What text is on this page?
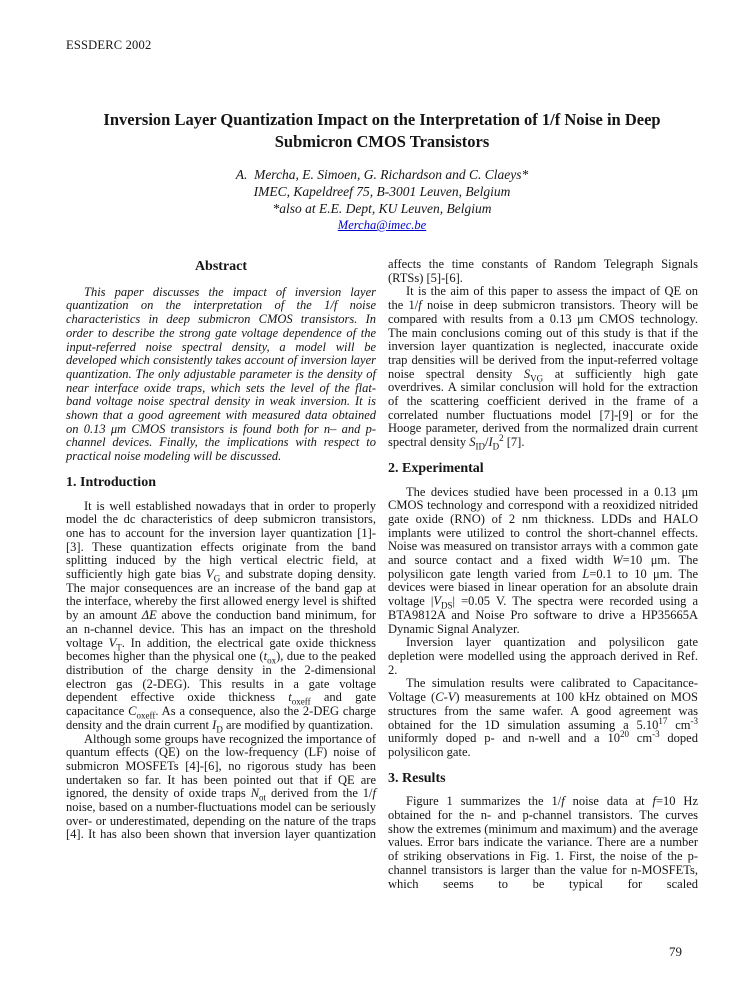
ESSDERC 2002
Inversion Layer Quantization Impact on the Interpretation of 1/f Noise in Deep
Submicron CMOS Transistors
A.  Mercha, E. Simoen, G. Richardson and C. Claeys*
IMEC, Kapeldreef 75, B-3001 Leuven, Belgium
*also at E.E. Dept, KU Leuven, Belgium
Mercha@imec.be
Abstract

This paper discusses the impact of inversion layer quantization on the interpretation of the 1/f noise characteristics in deep submicron CMOS transistors. In order to describe the strong gate voltage dependence of the input-referred noise spectral density, a model will be developed which consistently takes account of inversion layer quantization. The only adjustable parameter is the density of near interface oxide traps, which sets the level of the flat-band voltage noise spectral density in weak inversion. It is shown that a good agreement with measured data obtained on 0.13 μm CMOS transistors is found both for n– and p-channel devices. Finally, the implications with respect to practical noise modeling will be discussed.

1. Introduction

It is well established nowadays that in order to properly model the dc characteristics of deep submicron transistors, one has to account for the inversion layer quantization [1]-[3]. These quantization effects originate from the band splitting induced by the high vertical electric field, at sufficiently high gate bias $V_G$ and substrate doping density. The major consequences are an increase of the band gap at the interface, whereby the first allowed energy level is shifted by an amount ΔE above the conduction band minimum, for an n-channel device. This has an impact on the threshold voltage $V_T$. In addition, the electrical gate oxide thickness becomes higher than the physical one $(t_{ox})$, due to the peaked distribution of the charge density in the 2-dimensional electron gas (2-DEG). This results in a gate voltage dependent effective oxide thickness $t_{oxeff}$ and gate capacitance $C_{oxeff}$. As a consequence, also the 2-DEG charge density and the drain current $I_D$ are modified by quantization.

Although some groups have recognized the importance of quantum effects (QE) on the low-frequency (LF) noise of submicron MOSFETs [4]-[6], no rigorous study has been undertaken so far. It has been pointed out that if QE are ignored, the density of oxide traps $N_{ot}$ derived from the 1/f noise, based on a number-fluctuations model can be seriously over- or underestimated, depending on the nature of the traps [4]. It has also been shown that inversion layer quantization

affects the time constants of Random Telegraph Signals (RTSs) [5]-[6].

It is the aim of this paper to assess the impact of QE on the 1/f noise in deep submicron transistors. Theory will be compared with results from a 0.13 μm CMOS technology. The main conclusions coming out of this study is that if the inversion layer quantization is neglected, inaccurate oxide trap densities will be derived from the input-referred voltage noise spectral density $S_{VG}$ at sufficiently high gate overdrives. A similar conclusion will hold for the extraction of the scattering coefficient derived in the frame of a correlated number fluctuations model [7]-[9] or for the Hooge parameter, derived from the normalized drain current spectral density $S_{ID}/I_D^2$ [7].

2. Experimental

The devices studied have been processed in a 0.13 μm CMOS technology and correspond with a reoxidized nitrided gate oxide (RNO) of 2 nm thickness. LDDs and HALO implants were utilized to control the short-channel effects. Noise was measured on transistor arrays with a common gate and source contact and a fixed width W=10 μm. The polysilicon gate length varied from L=0.1 to 10 μm. The devices were biased in linear operation for an absolute drain voltage $|V_{DS}| =0.05$ V. The spectra were recorded using a BTA9812A and Noise Pro software to drive a HP35665A Dynamic Signal Analyzer.

Inversion layer quantization and polysilicon gate depletion were modelled using the approach derived in Ref. 2.

The simulation results were calibrated to Capacitance-Voltage (C-V) measurements at 100 kHz obtained on MOS structures from the same wafer. A good agreement was obtained for the 1D simulation assuming a 5.10$^{17}$ $cm^{-3}$ uniformly doped p- and n-well and a $10^{20}$ $cm^{-3}$ doped polysilicon gate.

3. Results

Figure 1 summarizes the 1/f noise data at f=10 Hz obtained for the n- and p-channel transistors. The curves show the extremes (minimum and maximum) and the average values. Error bars indicate the variance. There are a number of striking observations in Fig. 1. First, the noise of the p-channel transistors is larger than the value for n-MOSFETs, which seems to be typical for scaled

79
